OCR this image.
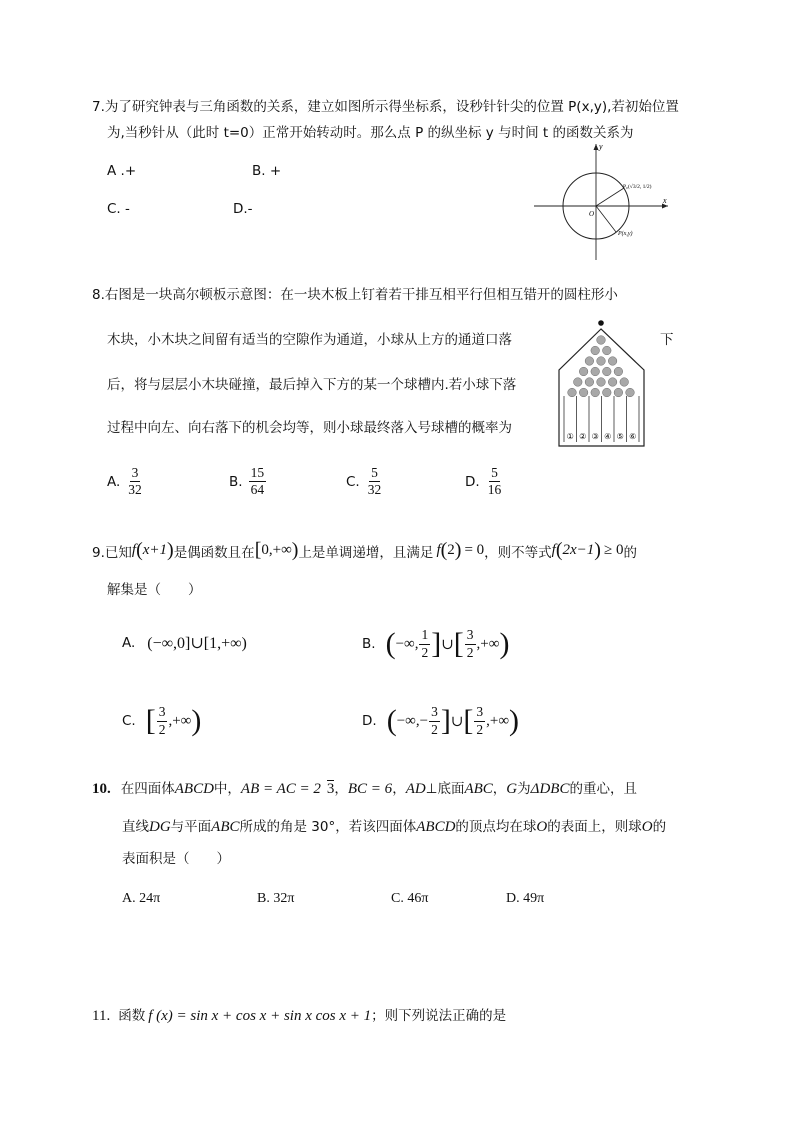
7.为了研究钟表与三角函数的关系，建立如图所示得坐标系，设秒针针尖的位置 P(x,y),若初始位置
为,当秒针从（此时 t=0）正常开始转动时。那么点 P 的纵坐标 y 与时间 t 的函数关系为
A .+	B. +
C. -	D.-
y
x
O
P₀(√3/2, 1/2)
P(x,y)
8.右图是一块高尔顿板示意图：在一块木板上钉着若干排互相平行但相互错开的圆柱形小
木块，小木块之间留有适当的空隙作为通道，小球从上方的通道口落	下
后，将与层层小木块碰撞，最后掉入下方的某一个球槽内.若小球下落
过程中向左、向右落下的机会均等，则小球最终落入号球槽的概率为
① ② ③ ④ ⑤ ⑥
A. $\frac{3}{32}$	B. $\frac{15}{64}$	C. $\frac{5}{32}$	D. $\frac{5}{16}$
9.已知 f ( x+1 ) 是偶函数且在 [ 0,+∞ ) 上是单调递增，且满足 f ( 2 ) = 0 ，则不等式 f ( 2x−1 ) ≥ 0 的
解集是（　　）
A. (−∞,0]∪[1,+∞)	B. ( −∞, $\frac{1}{2}$ ] ∪ [ $\frac{3}{2}$ ,+∞ )
C. [ $\frac{3}{2}$ ,+∞ )	D. ( −∞,− $\frac{3}{2}$ ] ∪ [ $\frac{3}{2}$ ,+∞ )
10. 在四面体 ABCD 中， AB = AC = 2 3 ， BC = 6 ， AD ⊥底面 ABC ， G 为 ΔDBC 的重心，且
直线 DG 与平面 ABC 所成的角是 30°，若该四面体 ABCD 的顶点均在球 O 的表面上，则球 O 的
表面积是（　　）
A. 24π	B. 32π	C. 46π	D. 49π
11. 函数 f (x) = sin x + cos x + sin x cos x + 1 ；则下列说法正确的是
